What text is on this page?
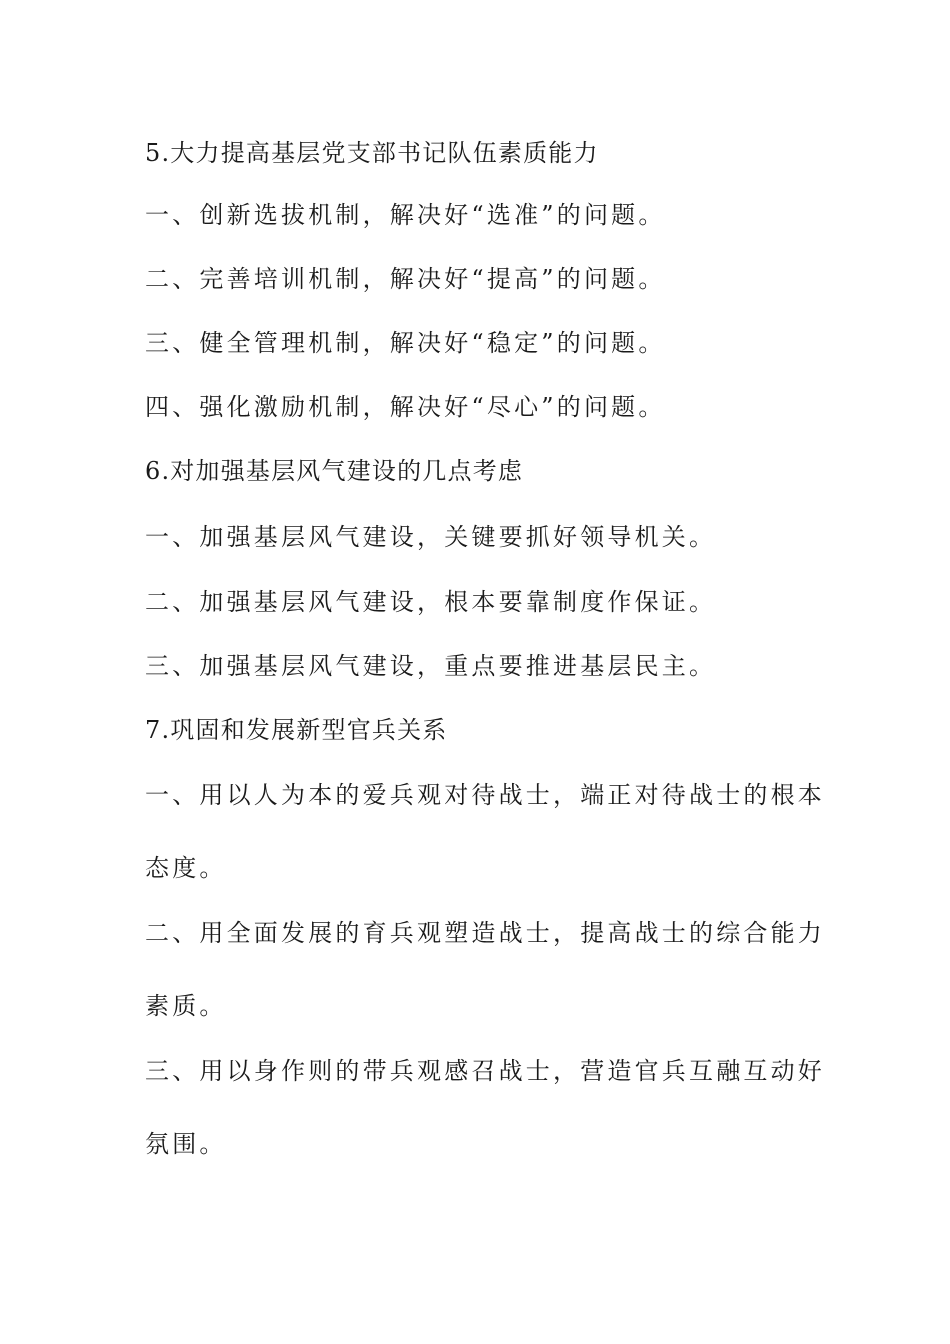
5.大力提高基层党支部书记队伍素质能力
一、创新选拔机制，解决好“选准”的问题。
二、完善培训机制，解决好“提高”的问题。
三、健全管理机制，解决好“稳定”的问题。
四、强化激励机制，解决好“尽心”的问题。
6.对加强基层风气建设的几点考虑
一、加强基层风气建设，关键要抓好领导机关。
二、加强基层风气建设，根本要靠制度作保证。
三、加强基层风气建设，重点要推进基层民主。
7.巩固和发展新型官兵关系
一、用以人为本的爱兵观对待战士，端正对待战士的根本
态度。
二、用全面发展的育兵观塑造战士，提高战士的综合能力
素质。
三、用以身作则的带兵观感召战士，营造官兵互融互动好
氛围。
